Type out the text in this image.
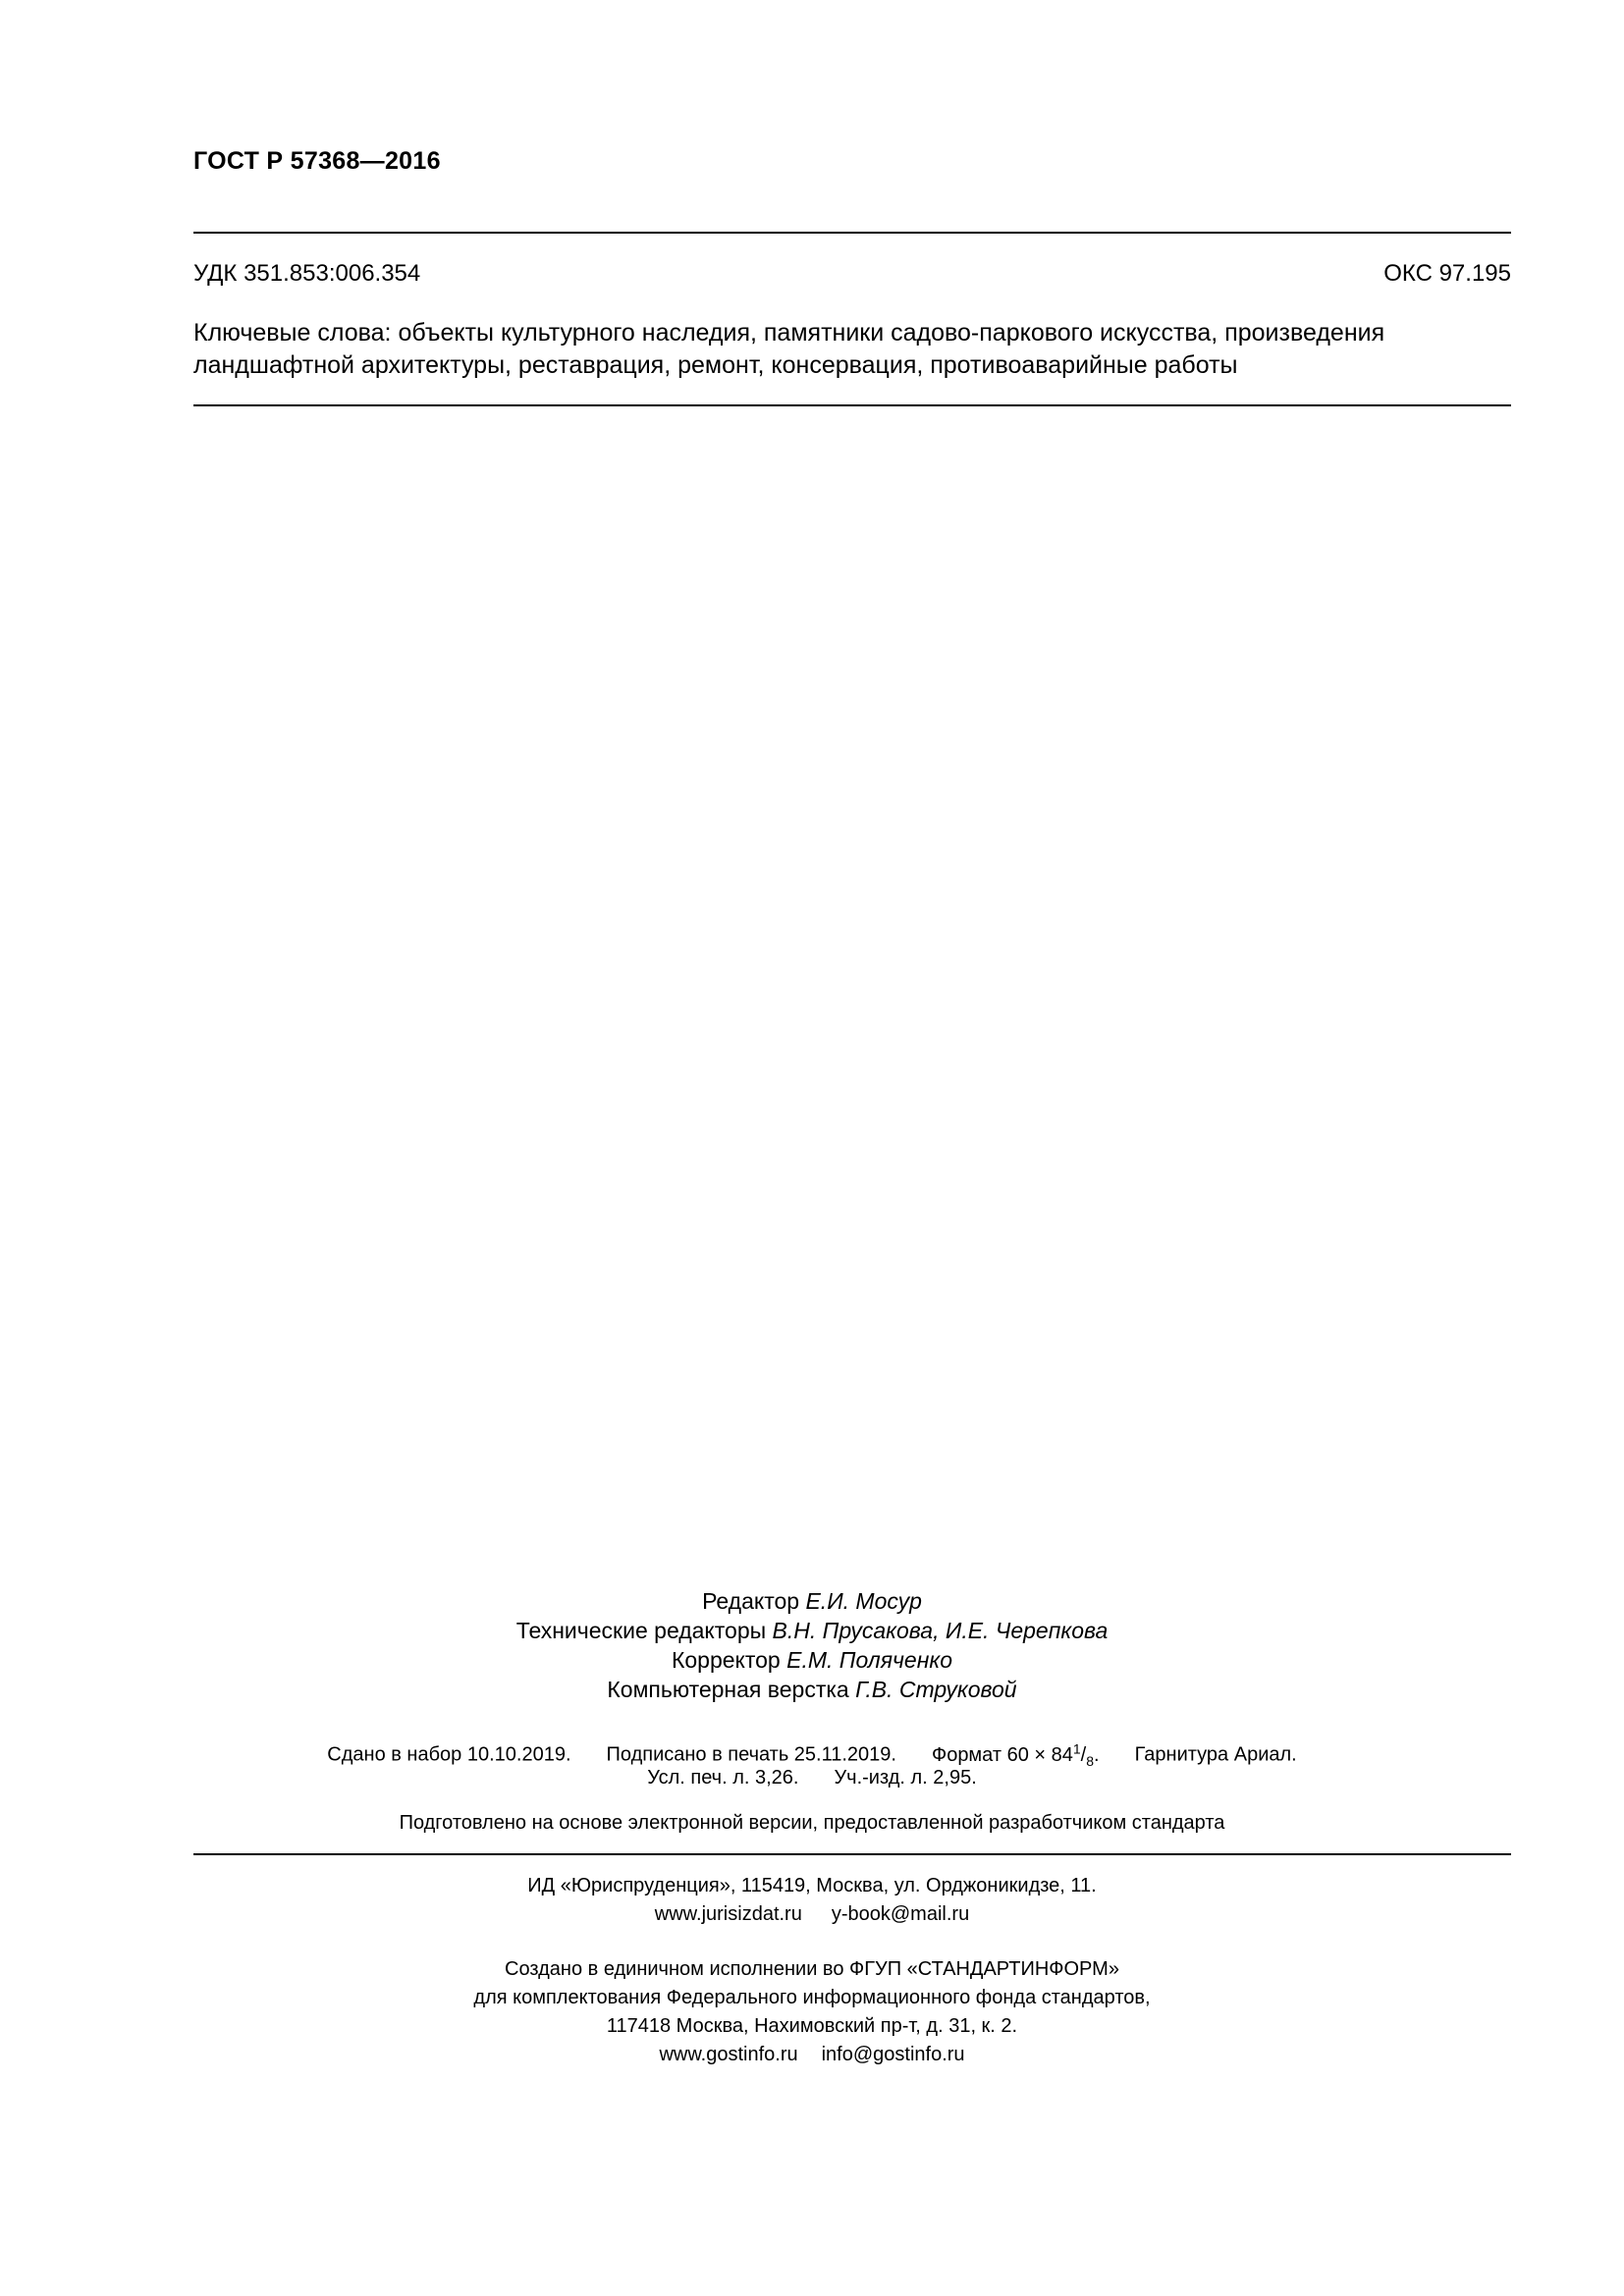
ГОСТ Р 57368—2016
УДК 351.853:006.354	ОКС 97.195
Ключевые слова: объекты культурного наследия, памятники садово-паркового искусства, произведения
ландшафтной архитектуры, реставрация, ремонт, консервация, противоаварийные работы
Редактор Е.И. Мосур
Технические редакторы В.Н. Прусакова, И.Е. Черепкова
Корректор Е.М. Поляченко
Компьютерная верстка Г.В. Струковой
Сдано в набор 10.10.2019. Подписано в печать 25.11.2019. Формат $60 \times 84^1/_8$. Гарнитура Ариал.
Усл. печ. л. 3,26. Уч.-изд. л. 2,95.
Подготовлено на основе электронной версии, предоставленной разработчиком стандарта
ИД «Юриспруденция», 115419, Москва, ул. Орджоникидзе, 11.
www.jurisizdat.ru y-book@mail.ru
Создано в единичном исполнении во ФГУП «СТАНДАРТИНФОРМ»
для комплектования Федерального информационного фонда стандартов,
117418 Москва, Нахимовский пр-т, д. 31, к. 2.
www.gostinfo.ru info@gostinfo.ru
